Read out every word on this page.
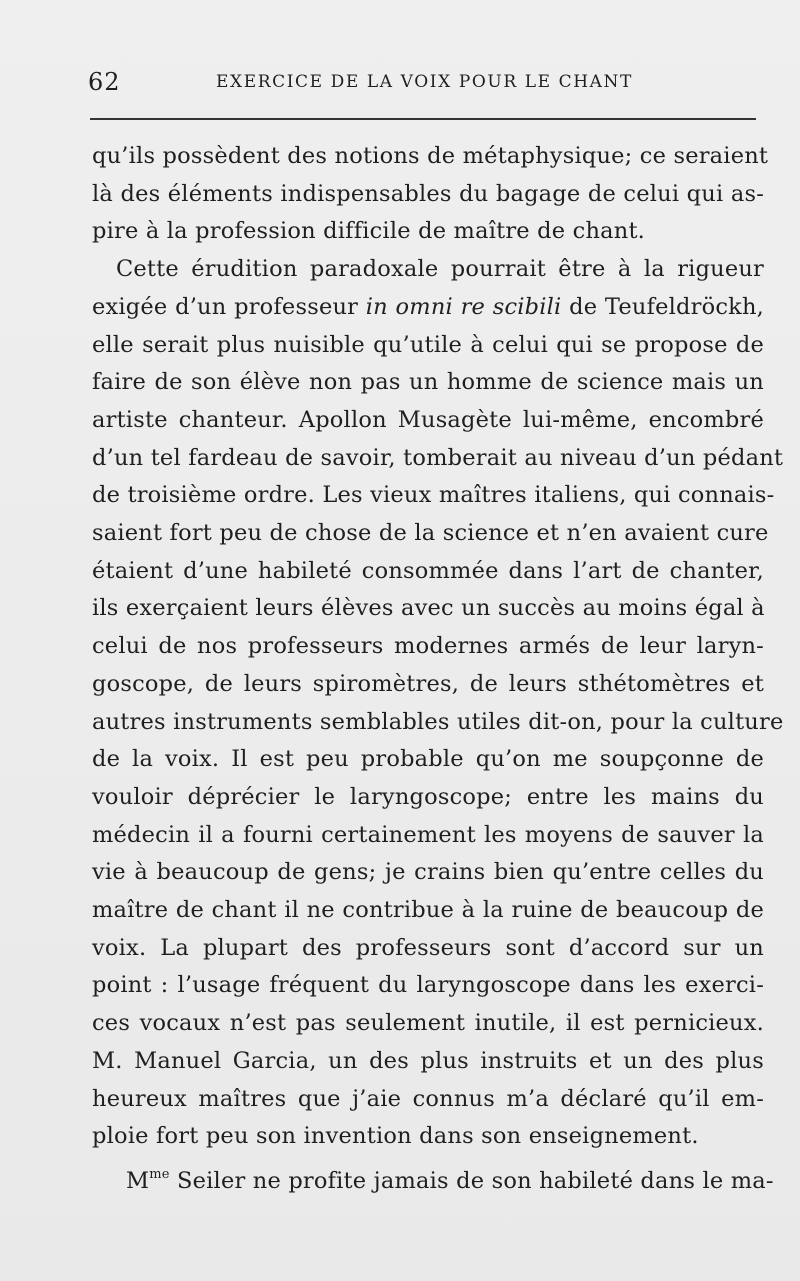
62	EXERCICE DE LA VOIX POUR LE CHANT
qu’ils possèdent des notions de métaphysique; ce seraient
là des éléments indispensables du bagage de celui qui as-
pire à la profession difficile de maître de chant.
Cette érudition paradoxale pourrait être à la rigueur
exigée d’un professeur in omni re scibili de Teufeldröckh,
elle serait plus nuisible qu’utile à celui qui se propose de
faire de son élève non pas un homme de science mais un
artiste chanteur. Apollon Musagète lui-même, encombré
d’un tel fardeau de savoir, tomberait au niveau d’un pédant
de troisième ordre. Les vieux maîtres italiens, qui connais-
saient fort peu de chose de la science et n’en avaient cure
étaient d’une habileté consommée dans l’art de chanter,
ils exerçaient leurs élèves avec un succès au moins égal à
celui de nos professeurs modernes armés de leur laryn-
goscope, de leurs spiromètres, de leurs sthétomètres et
autres instruments semblables utiles dit-on, pour la culture
de la voix. Il est peu probable qu’on me soupçonne de
vouloir déprécier le laryngoscope; entre les mains du
médecin il a fourni certainement les moyens de sauver la
vie à beaucoup de gens; je crains bien qu’entre celles du
maître de chant il ne contribue à la ruine de beaucoup de
voix. La plupart des professeurs sont d’accord sur un
point : l’usage fréquent du laryngoscope dans les exerci-
ces vocaux n’est pas seulement inutile, il est pernicieux.
M. Manuel Garcia, un des plus instruits et un des plus
heureux maîtres que j’aie connus m’a déclaré qu’il em-
ploie fort peu son invention dans son enseignement.
$M^{me}$ Seiler ne profite jamais de son habileté dans le ma-
